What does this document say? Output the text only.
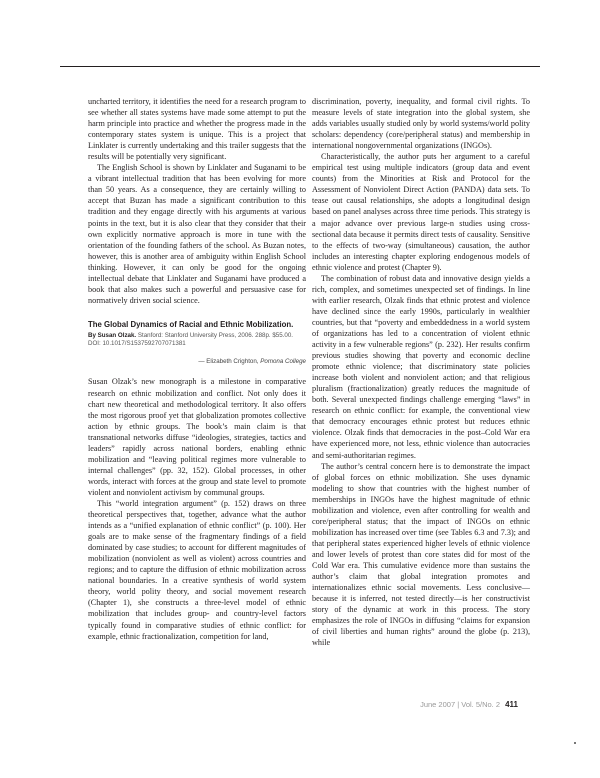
uncharted territory, it identifies the need for a research program to see whether all states systems have made some attempt to put the harm principle into practice and whether the progress made in the contemporary states system is unique. This is a project that Linklater is currently undertaking and this trailer suggests that the results will be potentially very significant.

The English School is shown by Linklater and Suganami to be a vibrant intellectual tradition that has been evolving for more than 50 years. As a consequence, they are certainly willing to accept that Buzan has made a significant contribution to this tradition and they engage directly with his arguments at various points in the text, but it is also clear that they consider that their own explicitly normative approach is more in tune with the orientation of the founding fathers of the school. As Buzan notes, however, this is another area of ambiguity within English School thinking. However, it can only be good for the ongoing intellectual debate that Linklater and Suganami have produced a book that also makes such a powerful and persuasive case for normatively driven social science.

The Global Dynamics of Racial and Ethnic Mobilization.
By Susan Olzak. Stanford: Stanford University Press, 2006. 288p. $55.00.
DOI: 10.1017/S1537592707071381
— Elizabeth Crighton, Pomona College

Susan Olzak’s new monograph is a milestone in comparative research on ethnic mobilization and conflict. Not only does it chart new theoretical and methodological territory. It also offers the most rigorous proof yet that globalization promotes collective action by ethnic groups. The book’s main claim is that transnational networks diffuse “ideologies, strategies, tactics and leaders” rapidly across national borders, enabling ethnic mobilization and “leaving political regimes more vulnerable to internal challenges” (pp. 32, 152). Global processes, in other words, interact with forces at the group and state level to promote violent and nonviolent activism by communal groups.

This “world integration argument” (p. 152) draws on three theoretical perspectives that, together, advance what the author intends as a “unified explanation of ethnic conflict” (p. 100). Her goals are to make sense of the fragmentary findings of a field dominated by case studies; to account for different magnitudes of mobilization (nonviolent as well as violent) across countries and regions; and to capture the diffusion of ethnic mobilization across national boundaries. In a creative synthesis of world system theory, world polity theory, and social movement research (Chapter 1), she constructs a three-level model of ethnic mobilization that includes group- and country-level factors typically found in comparative studies of ethnic conflict: for example, ethnic fractionalization, competition for land,

discrimination, poverty, inequality, and formal civil rights. To measure levels of state integration into the global system, she adds variables usually studied only by world systems/world polity scholars: dependency (core/peripheral status) and membership in international nongovernmental organizations (INGOs).

Characteristically, the author puts her argument to a careful empirical test using multiple indicators (group data and event counts) from the Minorities at Risk and Protocol for the Assessment of Nonviolent Direct Action (PANDA) data sets. To tease out causal relationships, she adopts a longitudinal design based on panel analyses across three time periods. This strategy is a major advance over previous large-n studies using cross-sectional data because it permits direct tests of causality. Sensitive to the effects of two-way (simultaneous) causation, the author includes an interesting chapter exploring endogenous models of ethnic violence and protest (Chapter 9).

The combination of robust data and innovative design yields a rich, complex, and sometimes unexpected set of findings. In line with earlier research, Olzak finds that ethnic protest and violence have declined since the early 1990s, particularly in wealthier countries, but that “poverty and embeddedness in a world system of organizations has led to a concentration of violent ethnic activity in a few vulnerable regions” (p. 232). Her results confirm previous studies showing that poverty and economic decline promote ethnic violence; that discriminatory state policies increase both violent and nonviolent action; and that religious pluralism (fractionalization) greatly reduces the magnitude of both. Several unexpected findings challenge emerging “laws” in research on ethnic conflict: for example, the conventional view that democracy encourages ethnic protest but reduces ethnic violence. Olzak finds that democracies in the post–Cold War era have experienced more, not less, ethnic violence than autocracies and semi-authoritarian regimes.

The author’s central concern here is to demonstrate the impact of global forces on ethnic mobilization. She uses dynamic modeling to show that countries with the highest number of memberships in INGOs have the highest magnitude of ethnic mobilization and violence, even after controlling for wealth and core/peripheral status; that the impact of INGOs on ethnic mobilization has increased over time (see Tables 6.3 and 7.3); and that peripheral states experienced higher levels of ethnic violence and lower levels of protest than core states did for most of the Cold War era. This cumulative evidence more than sustains the author’s claim that global integration promotes and internationalizes ethnic social movements. Less conclusive—because it is inferred, not tested directly—is her constructivist story of the dynamic at work in this process. The story emphasizes the role of INGOs in diffusing “claims for expansion of civil liberties and human rights” around the globe (p. 213), while

June 2007 | Vol. 5/No. 2 411
